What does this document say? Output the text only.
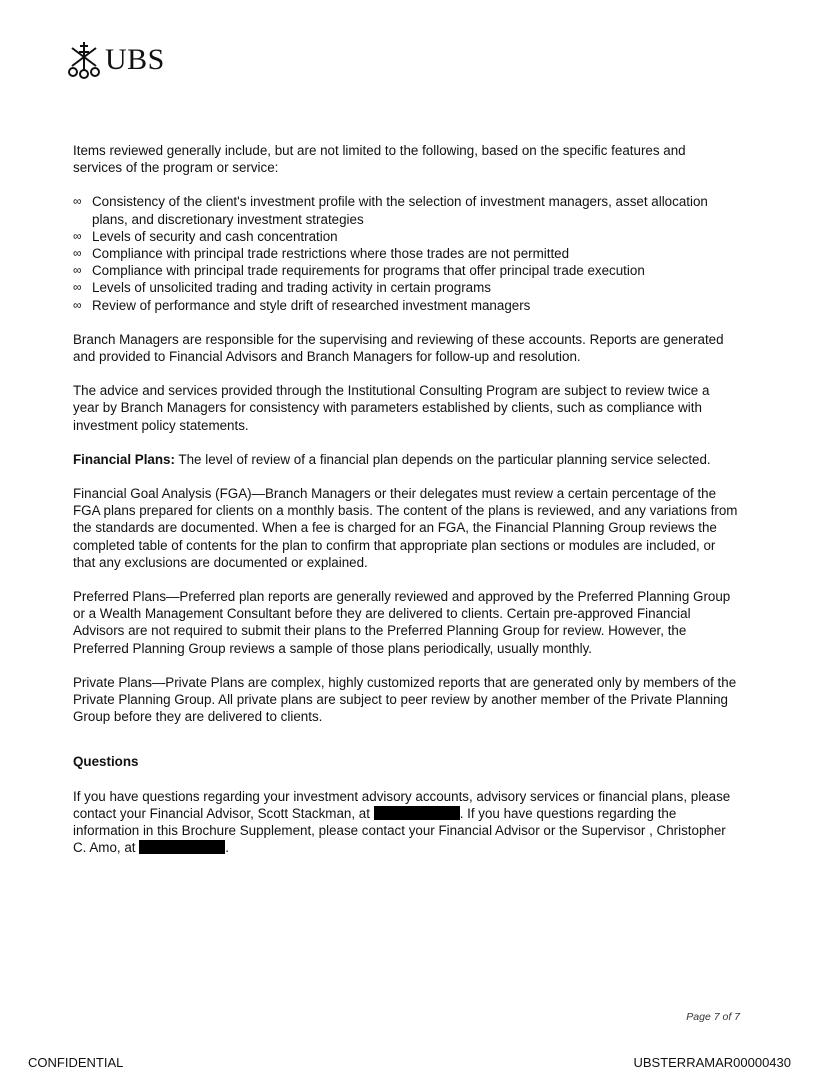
UBS

Items reviewed generally include, but are not limited to the following, based on the specific features and services of the program or service:

∞ Consistency of the client's investment profile with the selection of investment managers, asset allocation plans, and discretionary investment strategies
∞ Levels of security and cash concentration
∞ Compliance with principal trade restrictions where those trades are not permitted
∞ Compliance with principal trade requirements for programs that offer principal trade execution
∞ Levels of unsolicited trading and trading activity in certain programs
∞ Review of performance and style drift of researched investment managers

Branch Managers are responsible for the supervising and reviewing of these accounts. Reports are generated and provided to Financial Advisors and Branch Managers for follow-up and resolution.

The advice and services provided through the Institutional Consulting Program are subject to review twice a year by Branch Managers for consistency with parameters established by clients, such as compliance with investment policy statements.

Financial Plans: The level of review of a financial plan depends on the particular planning service selected.

Financial Goal Analysis (FGA)—Branch Managers or their delegates must review a certain percentage of the FGA plans prepared for clients on a monthly basis. The content of the plans is reviewed, and any variations from the standards are documented. When a fee is charged for an FGA, the Financial Planning Group reviews the completed table of contents for the plan to confirm that appropriate plan sections or modules are included, or that any exclusions are documented or explained.

Preferred Plans—Preferred plan reports are generally reviewed and approved by the Preferred Planning Group or a Wealth Management Consultant before they are delivered to clients. Certain pre-approved Financial Advisors are not required to submit their plans to the Preferred Planning Group for review. However, the Preferred Planning Group reviews a sample of those plans periodically, usually monthly.

Private Plans—Private Plans are complex, highly customized reports that are generated only by members of the Private Planning Group. All private plans are subject to peer review by another member of the Private Planning Group before they are delivered to clients.

Questions

If you have questions regarding your investment advisory accounts, advisory services or financial plans, please contact your Financial Advisor, Scott Stackman, at	. If you have questions regarding the information in this Brochure Supplement, please contact your Financial Advisor or the Supervisor , Christopher C. Amo, at	.

Page 7 of 7
CONFIDENTIAL	UBSTERRAMAR00000430
